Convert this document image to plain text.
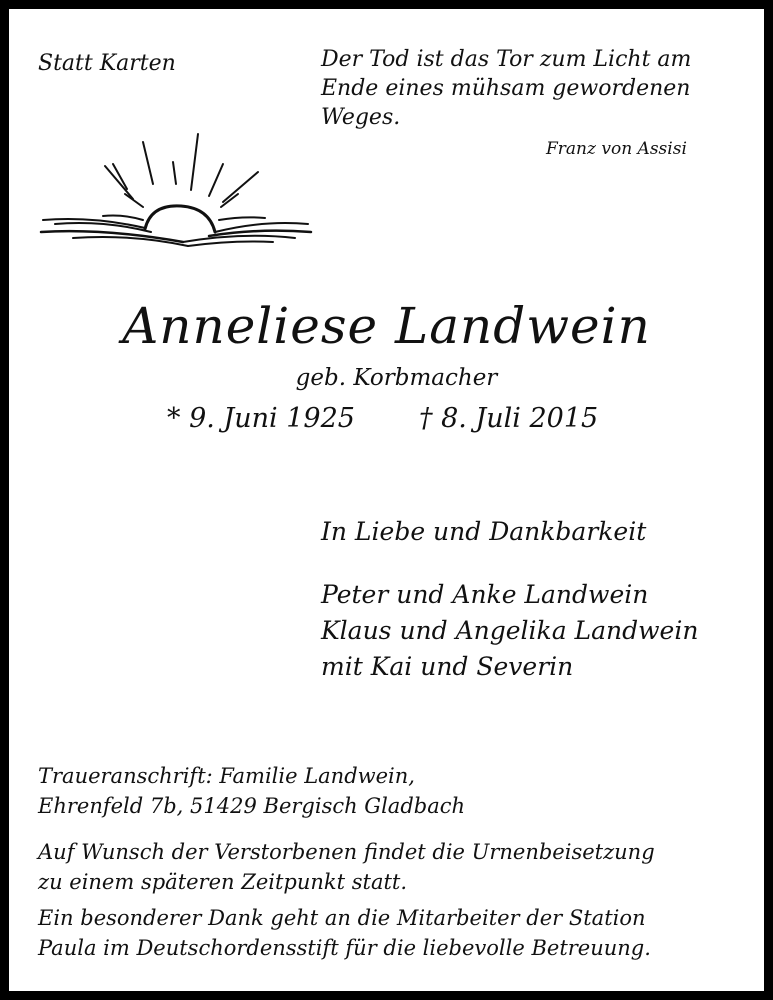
Statt Karten	Der Tod ist das Tor zum Licht am
Ende eines mühsam gewordenen
Weges.
Franz von Assisi
Anneliese Landwein
geb. Korbmacher
* 9. Juni 1925 † 8. Juli 2015
In Liebe und Dankbarkeit
Peter und Anke Landwein
Klaus und Angelika Landwein
mit Kai und Severin
Traueranschrift: Familie Landwein,
Ehrenfeld 7b, 51429 Bergisch Gladbach
Auf Wunsch der Verstorbenen findet die Urnenbeisetzung
zu einem späteren Zeitpunkt statt.
Ein besonderer Dank geht an die Mitarbeiter der Station
Paula im Deutschordensstift für die liebevolle Betreuung.
